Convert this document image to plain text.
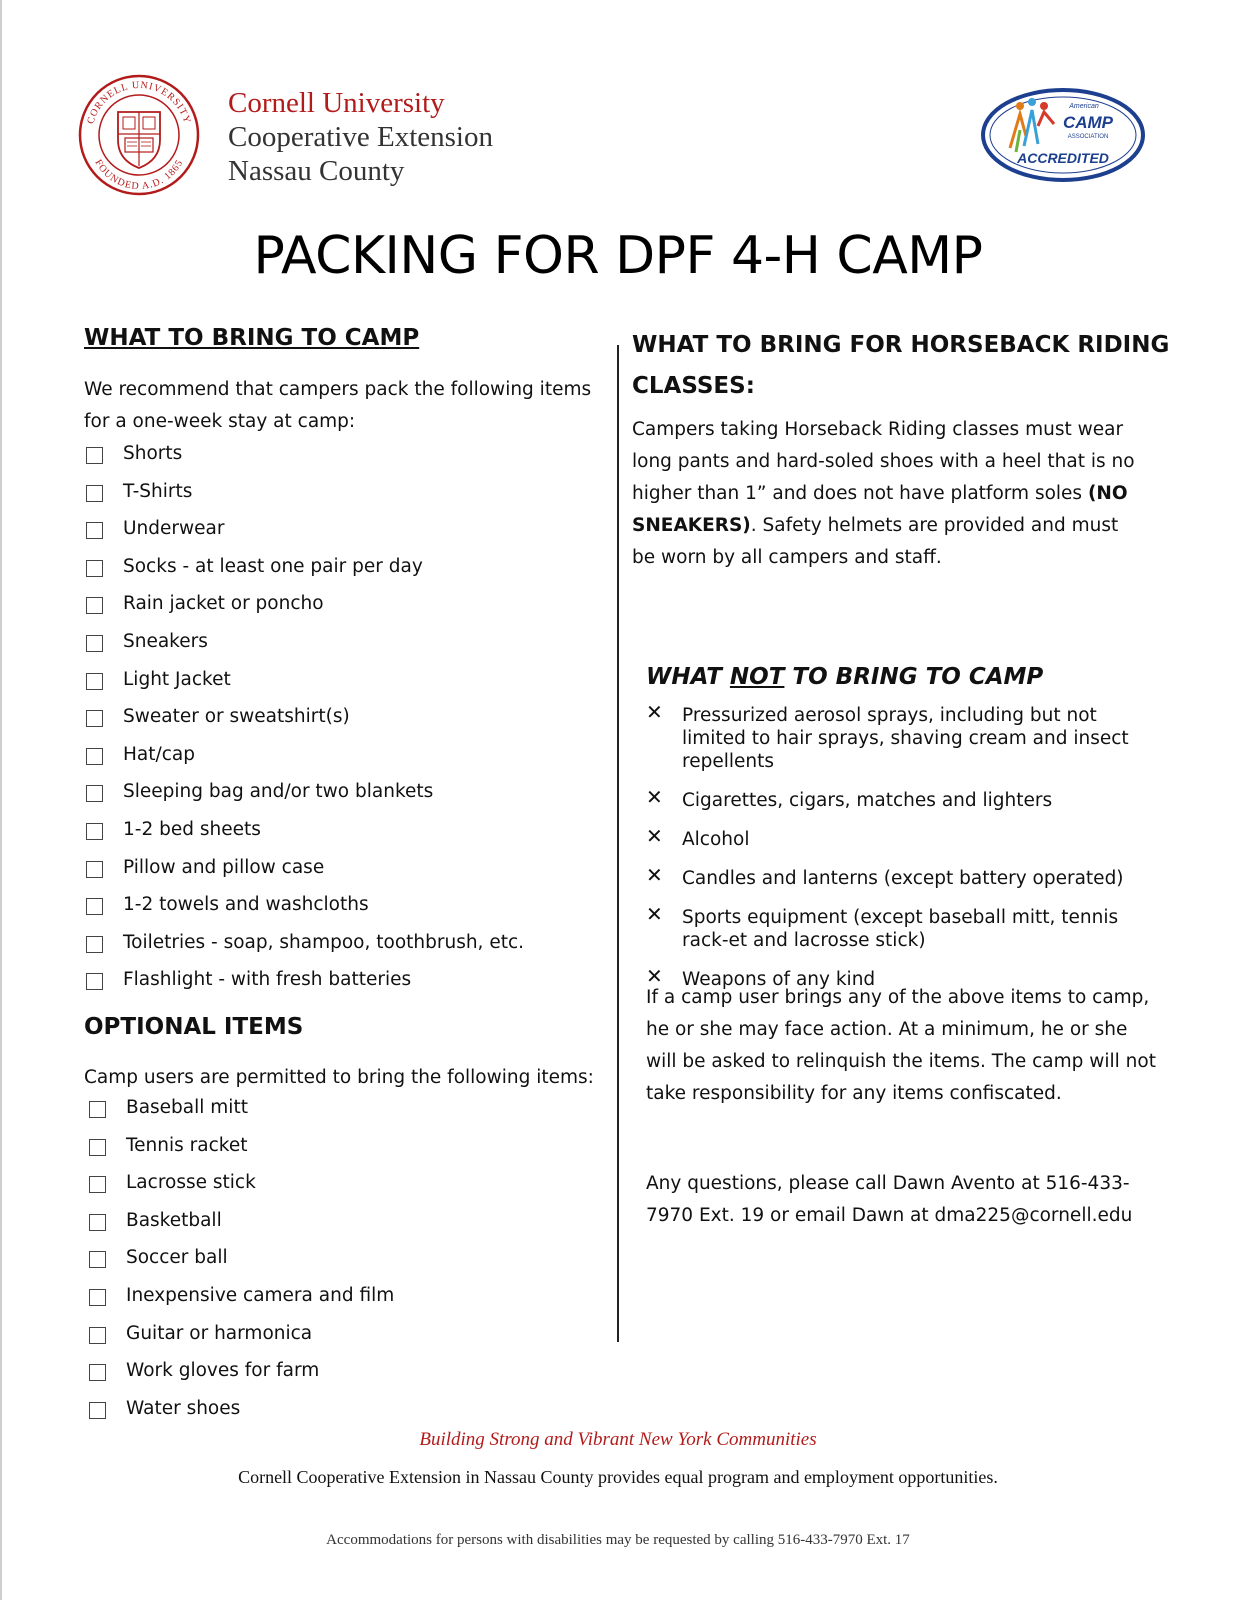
CORNELL UNIVERSITY
FOUNDED A.D. 1865
Cornell University
Cooperative Extension
Nassau County
American
CAMP
ASSOCIATION
ACCREDITED
PACKING FOR DPF 4-H CAMP
WHAT TO BRING TO CAMP
We recommend that campers pack the following items for a one-week stay at camp:
Shorts
T-Shirts
Underwear
Socks - at least one pair per day
Rain jacket or poncho
Sneakers
Light Jacket
Sweater or sweatshirt(s)
Hat/cap
Sleeping bag and/or two blankets
1-2 bed sheets
Pillow and pillow case
1-2 towels and washcloths
Toiletries - soap, shampoo, toothbrush, etc.
Flashlight - with fresh batteries
OPTIONAL ITEMS
Camp users are permitted to bring the following items:
Baseball mitt
Tennis racket
Lacrosse stick
Basketball
Soccer ball
Inexpensive camera and film
Guitar or harmonica
Work gloves for farm
Water shoes
WHAT TO BRING FOR HORSEBACK RIDING
CLASSES:
Campers taking Horseback Riding classes must wear long pants and hard-soled shoes with a heel that is no higher than 1” and does not have platform soles (NO SNEAKERS). Safety helmets are provided and must be worn by all campers and staff.
WHAT NOT TO BRING TO CAMP
✕	Pressurized aerosol sprays, including but not limited to hair sprays, shaving cream and insect repellents
✕	Cigarettes, cigars, matches and lighters
✕	Alcohol
✕	Candles and lanterns (except battery operated)
✕	Sports equipment (except baseball mitt, tennis rack-et and lacrosse stick)
✕	Weapons of any kind
If a camp user brings any of the above items to camp, he or she may face action. At a minimum, he or she will be asked to relinquish the items. The camp will not take responsibility for any items confiscated.
Any questions, please call Dawn Avento at 516-433-7970 Ext. 19 or email Dawn at dma225@cornell.edu
Building Strong and Vibrant New York Communities
Cornell Cooperative Extension in Nassau County provides equal program and employment opportunities.
Accommodations for persons with disabilities may be requested by calling 516-433-7970 Ext. 17
